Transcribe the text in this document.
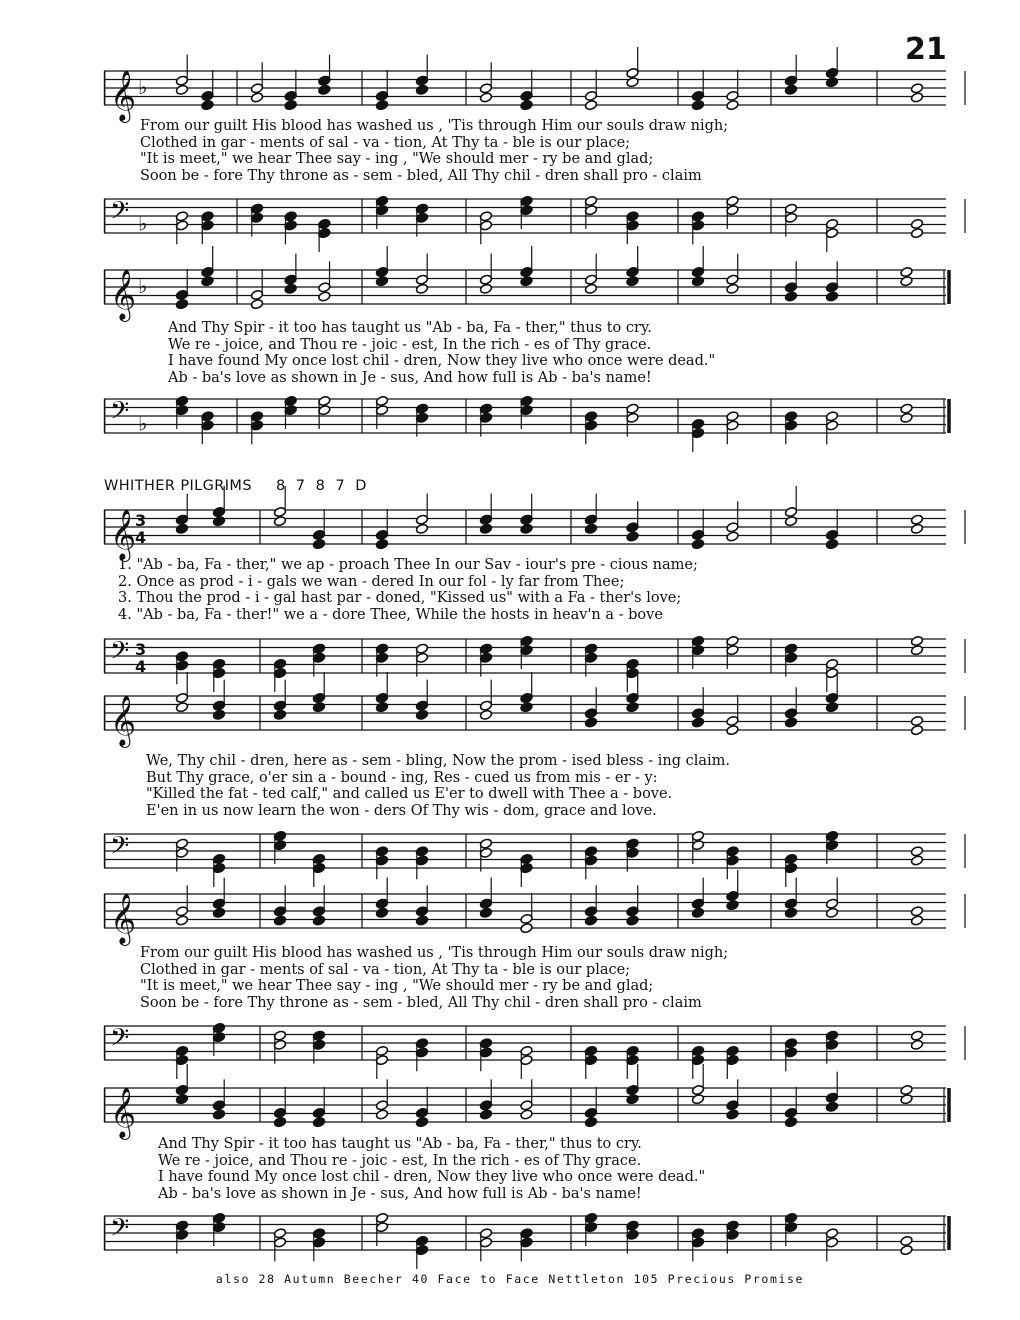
21
𝄞 ♭
From our guilt His blood has washed us , 'Tis through Him our souls draw nigh;
Clothed in gar - ments of sal - va - tion, At Thy ta - ble is our place;
"It is meet," we hear Thee say - ing , "We should mer - ry be and glad;
Soon be - fore Thy throne as - sem - bled, All Thy chil - dren shall pro - claim
𝄢 ♭
𝄞 ♭
And Thy Spir - it too has taught us "Ab - ba, Fa - ther," thus to cry.
We re - joice, and Thou re - joic - est, In the rich - es of Thy grace.
I have found My once lost chil - dren, Now they live who once were dead."
Ab - ba's love as shown in Je - sus, And how full is Ab - ba's name!
𝄢 ♭
WHITHER PILGRIMS 8 7 8 7 D
𝄞
3
4
1. "Ab - ba, Fa - ther," we ap - proach Thee In our Sav - iour's pre - cious name;
2. Once as prod - i - gals we wan - dered In our fol - ly far from Thee;
3. Thou the prod - i - gal hast par - doned, "Kissed us" with a Fa - ther's love;
4. "Ab - ba, Fa - ther!" we a - dore Thee, While the hosts in heav'n a - bove
𝄢 3
4
𝄞
We, Thy chil - dren, here as - sem - bling, Now the prom - ised bless - ing claim.
But Thy grace, o'er sin a - bound - ing, Res - cued us from mis - er - y:
"Killed the fat - ted calf," and called us E'er to dwell with Thee a - bove.
E'en in us now learn the won - ders Of Thy wis - dom, grace and love.
𝄢
𝄞
From our guilt His blood has washed us , 'Tis through Him our souls draw nigh;
Clothed in gar - ments of sal - va - tion, At Thy ta - ble is our place;
"It is meet," we hear Thee say - ing , "We should mer - ry be and glad;
Soon be - fore Thy throne as - sem - bled, All Thy chil - dren shall pro - claim
𝄢
𝄞
And Thy Spir - it too has taught us "Ab - ba, Fa - ther," thus to cry.
We re - joice, and Thou re - joic - est, In the rich - es of Thy grace.
I have found My once lost chil - dren, Now they live who once were dead."
Ab - ba's love as shown in Je - sus, And how full is Ab - ba's name!
𝄢
also 28 Autumn Beecher 40 Face to Face Nettleton 105 Precious Promise
